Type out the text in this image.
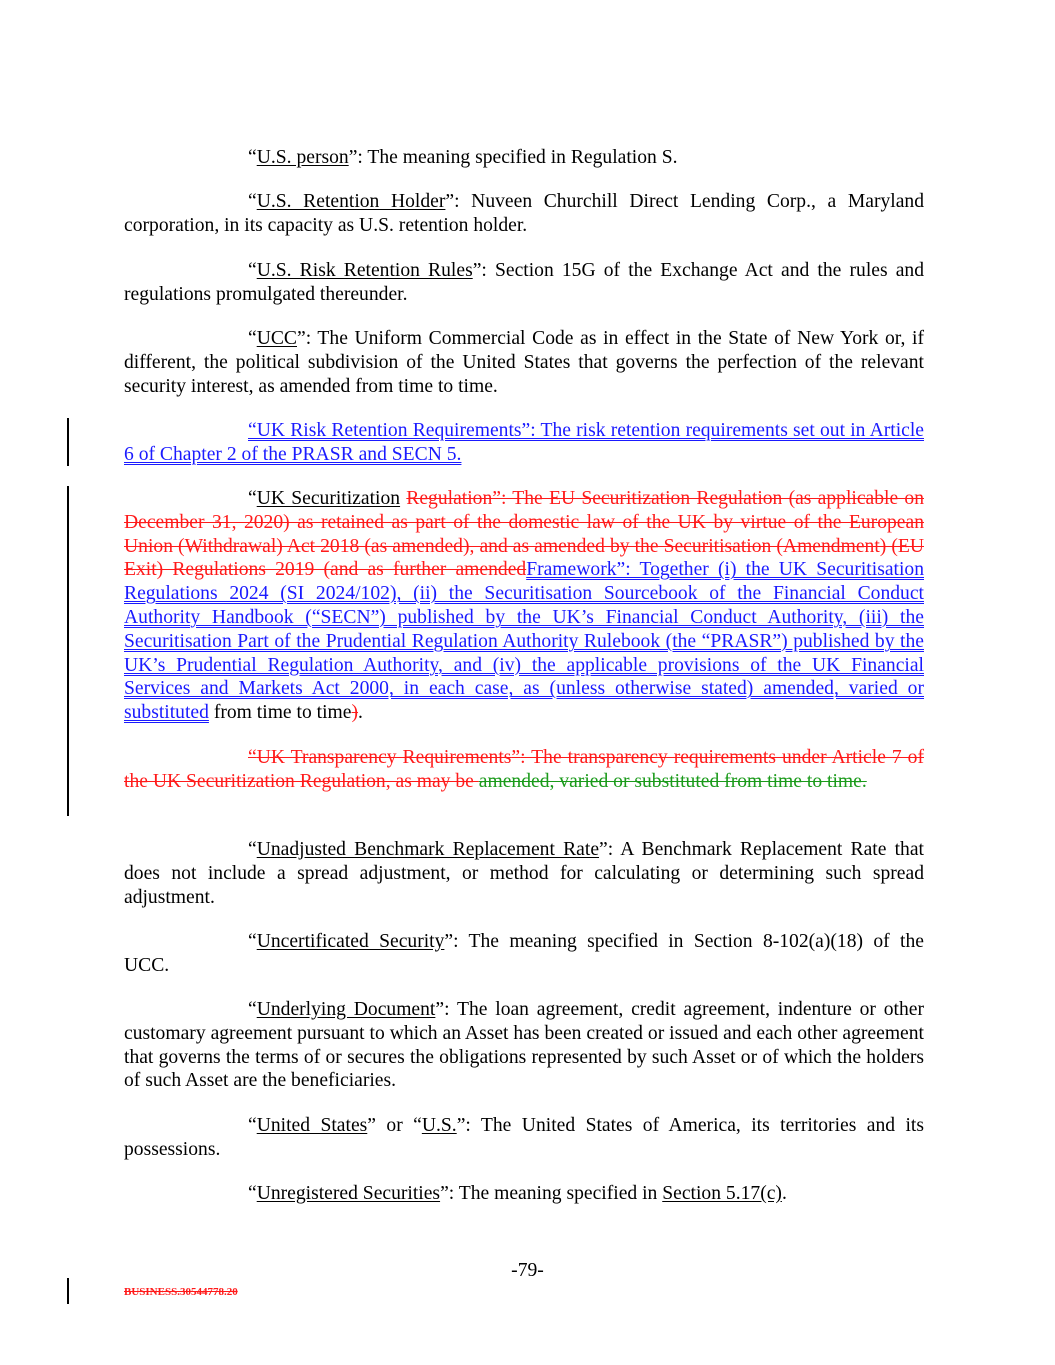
“U.S. person”: The meaning specified in Regulation S.

“U.S. Retention Holder”: Nuveen Churchill Direct Lending Corp., a Maryland corporation, in its capacity as U.S. retention holder.

“U.S. Risk Retention Rules”: Section 15G of the Exchange Act and the rules and regulations promulgated thereunder.

“UCC”: The Uniform Commercial Code as in effect in the State of New York or, if different, the political subdivision of the United States that governs the perfection of the relevant security interest, as amended from time to time.

“UK Risk Retention Requirements”: The risk retention requirements set out in Article 6 of Chapter 2 of the PRASR and SECN 5.

“UK Securitization Regulation”: The EU Securitization Regulation (as applicable on December 31, 2020) as retained as part of the domestic law of the UK by virtue of the European Union (Withdrawal) Act 2018 (as amended), and as amended by the Securitisation (Amendment) (EU Exit) Regulations 2019 (and as further amendedFramework”: Together (i) the UK Securitisation Regulations 2024 (SI 2024/102), (ii) the Securitisation Sourcebook of the Financial Conduct Authority Handbook (“SECN”) published by the UK’s Financial Conduct Authority, (iii) the Securitisation Part of the Prudential Regulation Authority Rulebook (the “PRASR”) published by the UK’s Prudential Regulation Authority, and (iv) the applicable provisions of the UK Financial Services and Markets Act 2000, in each case, as (unless otherwise stated) amended, varied or substituted from time to time).

“UK Transparency Requirements”: The transparency requirements under Article 7 of the UK Securitization Regulation, as may be amended, varied or substituted from time to time.

“Unadjusted Benchmark Replacement Rate”: A Benchmark Replacement Rate that does not include a spread adjustment, or method for calculating or determining such spread adjustment.

“Uncertificated Security”: The meaning specified in Section 8-102(a)(18) of the UCC.

“Underlying Document”: The loan agreement, credit agreement, indenture or other customary agreement pursuant to which an Asset has been created or issued and each other agreement that governs the terms of or secures the obligations represented by such Asset or of which the holders of such Asset are the beneficiaries.

“United States” or “U.S.”: The United States of America, its territories and its possessions.

“Unregistered Securities”: The meaning specified in Section 5.17(c).

-79-
BUSINESS.30544778.20
